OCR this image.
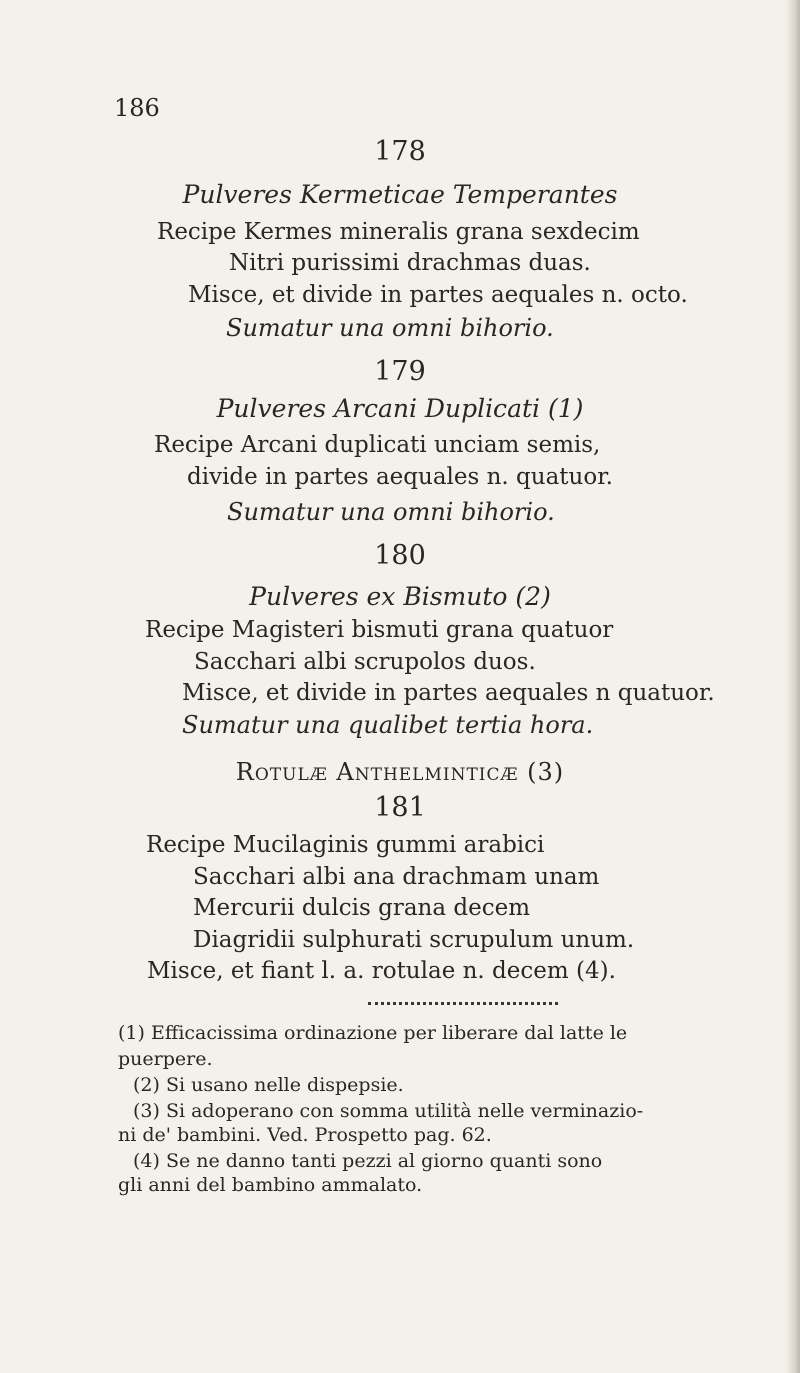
186
178
Pulveres Kermeticae Temperantes
Recipe Kermes mineralis grana sexdecim
Nitri purissimi drachmas duas.
Misce, et divide in partes aequales n. octo.
Sumatur una omni bihorio.
179
Pulveres Arcani Duplicati (1)
Recipe Arcani duplicati unciam semis,
divide in partes aequales n. quatuor.
Sumatur una omni bihorio.
180
Pulveres ex Bismuto (2)
Recipe Magisteri bismuti grana quatuor
Sacchari albi scrupolos duos.
Misce, et divide in partes aequales n quatuor.
Sumatur una qualibet tertia hora.
Rotulæ Anthelminticæ (3)
181
Recipe Mucilaginis gummi arabici
Sacchari albi ana drachmam unam
Mercurii dulcis grana decem
Diagridii sulphurati scrupulum unum.
Misce, et fiant l. a. rotulae n. decem (4).
(1) Efficacissima ordinazione per liberare dal latte le
puerpere.
(2) Si usano nelle dispepsie.
(3) Si adoperano con somma utilità nelle verminazio-
ni de' bambini. Ved. Prospetto pag. 62.
(4) Se ne danno tanti pezzi al giorno quanti sono
gli anni del bambino ammalato.
